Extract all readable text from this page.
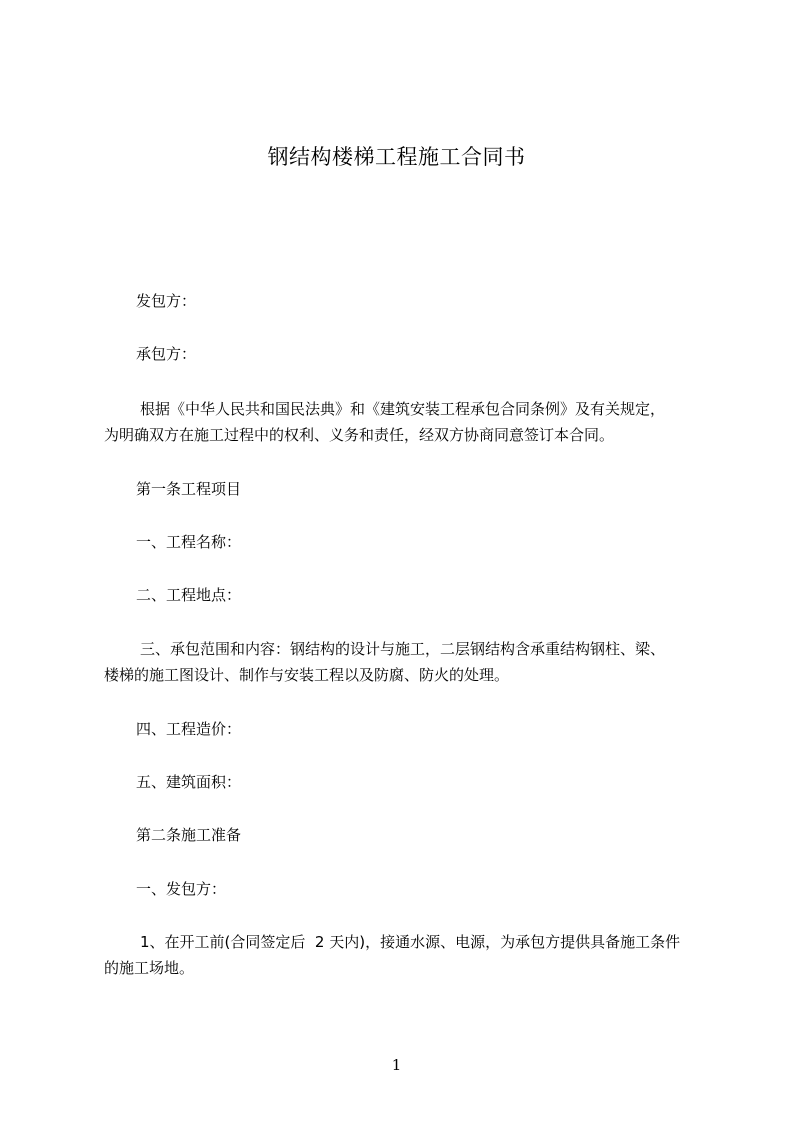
钢结构楼梯工程施工合同书
发包方：
承包方：
根据《中华人民共和国民法典》和《建筑安装工程承包合同条例》及有关规定，
为明确双方在施工过程中的权利、义务和责任，经双方协商同意签订本合同。
第一条工程项目
一、工程名称：
二、工程地点：
三、承包范围和内容：钢结构的设计与施工，二层钢结构含承重结构钢柱、梁、
楼梯的施工图设计、制作与安装工程以及防腐、防火的处理。
四、工程造价：
五、建筑面积：
第二条施工准备
一、发包方：
1、在开工前(合同签定后  2 天内)，接通水源、电源，为承包方提供具备施工条件
的施工场地。
1
